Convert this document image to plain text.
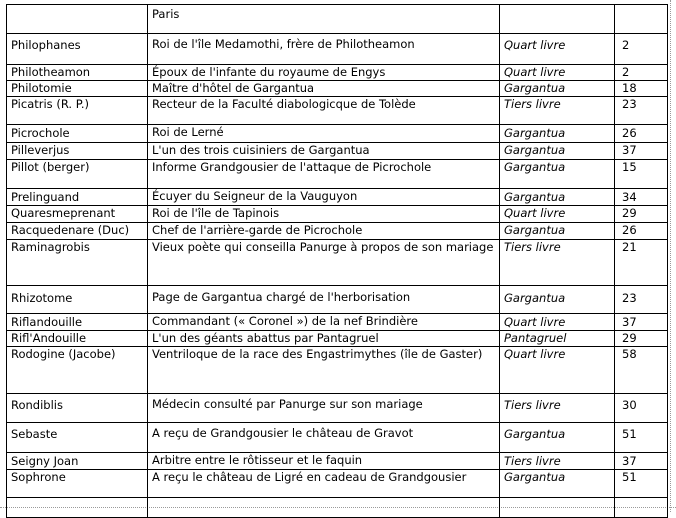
	Paris		
Philophanes	Roi de l'île Medamothi, frère de Philotheamon	Quart livre	2
Philotheamon	Époux de l'infante du royaume de Engys	Quart livre	2
Philotomie	Maître d'hôtel de Gargantua	Gargantua	18
Picatris (R. P.)	Recteur de la Faculté diabologicque de Tolède	Tiers livre	23
Picrochole	Roi de Lerné	Gargantua	26
Pilleverjus	L'un des trois cuisiniers de Gargantua	Gargantua	37
Pillot (berger)	Informe Grandgousier de l'attaque de Picrochole	Gargantua	15
Prelinguand	Écuyer du Seigneur de la Vauguyon	Gargantua	34
Quaresmeprenant	Roi de l'île de Tapinois	Quart livre	29
Racquedenare (Duc)	Chef de l'arrière-garde de Picrochole	Gargantua	26
Raminagrobis	Vieux poète qui conseilla Panurge à propos de son mariage	Tiers livre	21
Rhizotome	Page de Gargantua chargé de l'herborisation	Gargantua	23
Riflandouille	Commandant (« Coronel ») de la nef Brindière	Quart livre	37
Rifl'Andouille	L'un des géants abattus par Pantagruel	Pantagruel	29
Rodogine (Jacobe)	Ventriloque de la race des Engastrimythes (île de Gaster)	Quart livre	58
Rondiblis	Médecin consulté par Panurge sur son mariage	Tiers livre	30
Sebaste	A reçu de Grandgousier le château de Gravot	Gargantua	51
Seigny Joan	Arbitre entre le rôtisseur et le faquin	Tiers livre	37
Sophrone	A reçu le château de Ligré en cadeau de Grandgousier	Gargantua	51
